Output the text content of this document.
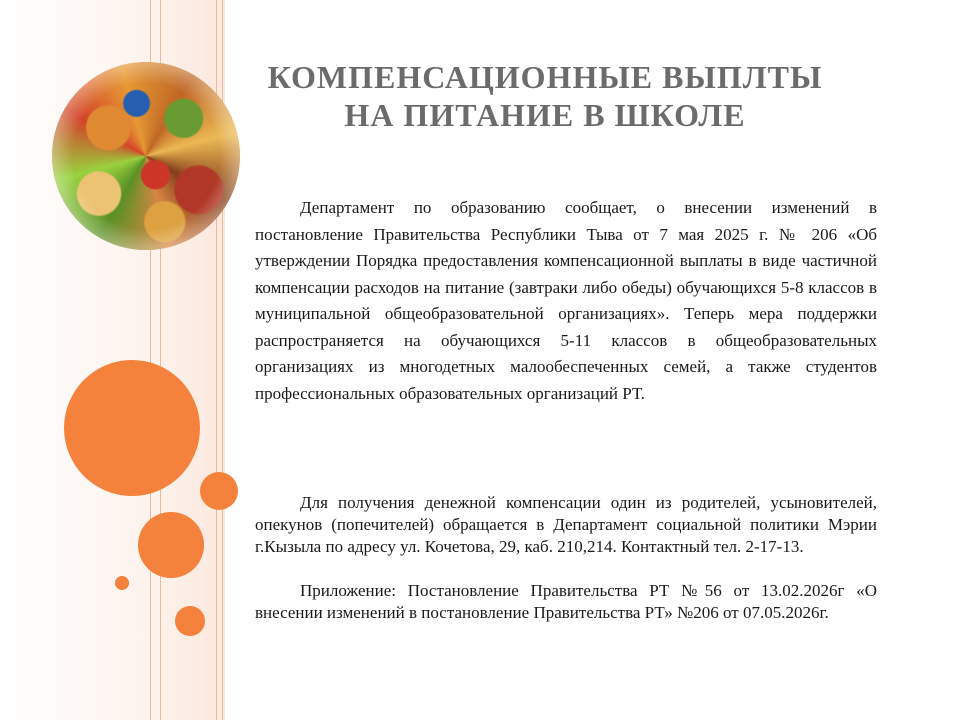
КОМПЕНСАЦИОННЫЕ ВЫПЛТЫ
НА ПИТАНИЕ В ШКОЛЕ

Департамент по образованию сообщает, о внесении изменений в постановление Правительства Республики Тыва от 7 мая 2025 г. № 206 «Об утверждении Порядка предоставления компенсационной выплаты в виде частичной компенсации расходов на питание (завтраки либо обеды) обучающихся 5-8 классов в муниципальной общеобразовательной организациях». Теперь мера поддержки распространяется на обучающихся 5-11 классов в общеобразовательных организациях из многодетных малообеспеченных семей, а также студентов профессиональных образовательных организаций РТ.

Для получения денежной компенсации один из родителей, усыновителей, опекунов (попечителей) обращается в Департамент социальной политики Мэрии г.Кызыла по адресу ул. Кочетова, 29, каб. 210,214. Контактный тел. 2-17-13.

Приложение: Постановление Правительства РТ №56 от 13.02.2026г «О внесении изменений в постановление Правительства РТ» №206 от 07.05.2026г.
